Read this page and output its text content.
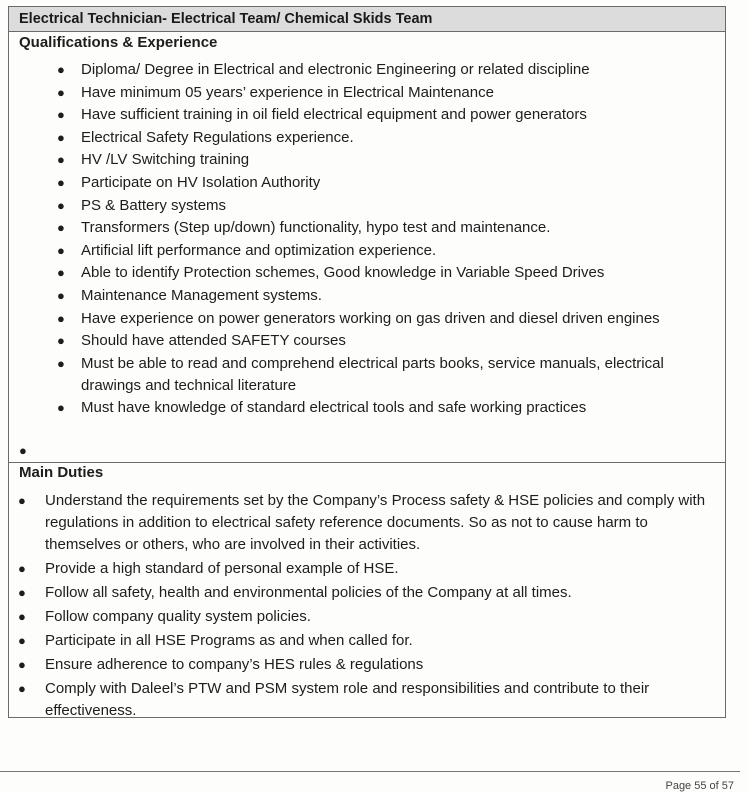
Electrical Technician- Electrical Team/ Chemical Skids Team
Qualifications & Experience
● Diploma/ Degree in Electrical and electronic Engineering or related discipline
● Have minimum 05 years’ experience in Electrical Maintenance
● Have sufficient training in oil field electrical equipment and power generators
● Electrical Safety Regulations experience.
● HV /LV Switching training
● Participate on HV Isolation Authority
● PS & Battery systems
● Transformers (Step up/down) functionality, hypo test and maintenance.
● Artificial lift performance and optimization experience.
● Able to identify Protection schemes, Good knowledge in Variable Speed Drives
● Maintenance Management systems.
● Have experience on power generators working on gas driven and diesel driven engines
● Should have attended SAFETY courses
● Must be able to read and comprehend electrical parts books, service manuals, electrical drawings and technical literature
● Must have knowledge of standard electrical tools and safe working practices
●
Main Duties
● Understand the requirements set by the Company’s Process safety & HSE policies and comply with regulations in addition to electrical safety reference documents. So as not to cause harm to themselves or others, who are involved in their activities.
● Provide a high standard of personal example of HSE.
● Follow all safety, health and environmental policies of the Company at all times.
● Follow company quality system policies.
● Participate in all HSE Programs as and when called for.
● Ensure adherence to company’s HES rules & regulations
● Comply with Daleel’s PTW and PSM system role and responsibilities and contribute to their effectiveness.
Page 55 of 57
